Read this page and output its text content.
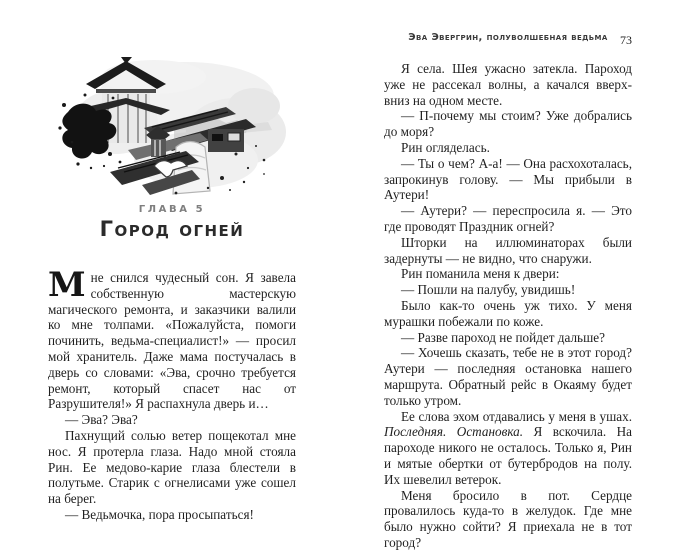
ГЛАВА 5
Город огней

Мне снился чудесный сон. Я завела собственную мастерскую магического ремонта, и заказчики валили ко мне толпами. «Пожалуйста, помоги починить, ведьма-специалист!» — просил мой хранитель. Даже мама постучалась в дверь со словами: «Эва, срочно требуется ремонт, который спасет нас от Разрушителя!» Я распахнула дверь и…

— Эва? Эва?

Пахнущий солью ветер пощекотал мне нос. Я протерла глаза. Надо мной стояла Рин. Ее медово-карие глаза блестели в полутьме. Старик с огнелисами уже сошел на берег.

— Ведьмочка, пора просыпаться!

Эва Эвергрин, полуволшебная ведьма	73

Я села. Шея ужасно затекла. Пароход уже не рассекал волны, а качался вверх-вниз на одном месте.

— П-почему мы стоим? Уже добрались до моря?

Рин огляделась.

— Ты о чем? А-а! — Она расхохоталась, запрокинув голову. — Мы прибыли в Аутери!

— Аутери? — переспросила я. — Это где проводят Праздник огней?

Шторки на иллюминаторах были задернуты — не видно, что снаружи.

Рин поманила меня к двери:

— Пошли на палубу, увидишь!

Было как-то очень уж тихо. У меня мурашки побежали по коже.

— Разве пароход не пойдет дальше?

— Хочешь сказать, тебе не в этот город? Аутери — последняя остановка нашего маршрута. Обратный рейс в Окаяму будет только утром.

Ее слова эхом отдавались у меня в ушах. Последняя. Остановка. Я вскочила. На пароходе никого не осталось. Только я, Рин и мятые обертки от бутербродов на полу. Их шевелил ветерок.

Меня бросило в пот. Сердце провалилось куда-то в желудок. Где мне было нужно сойти? Я приехала не в тот город?
